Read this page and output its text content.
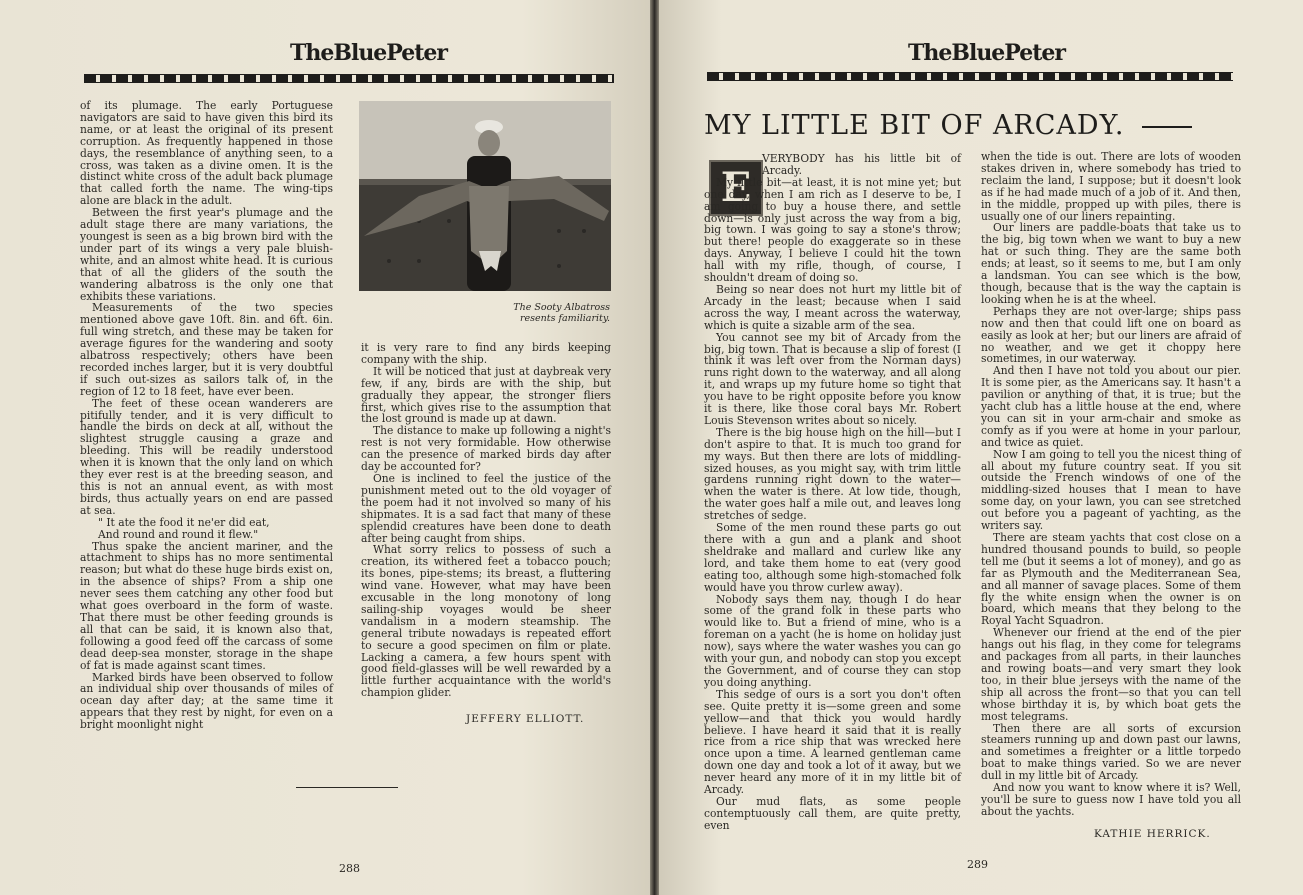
TheBluePeter

of its plumage. The early Portuguese navigators are said to have given this bird its name, or at least the original of its present corruption. As frequently happened in those days, the resemblance of anything seen, to a cross, was taken as a divine omen. It is the distinct white cross of the adult back plumage that called forth the name. The wing-tips alone are black in the adult.

Between the first year's plumage and the adult stage there are many variations, the youngest is seen as a big brown bird with the under part of its wings a very pale bluish-white, and an almost white head. It is curious that of all the gliders of the south the wandering albatross is the only one that exhibits these variations.

Measurements of the two species mentioned above gave 10ft. 8in. and 6ft. 6in. full wing stretch, and these may be taken for average figures for the wandering and sooty albatross respectively; others have been recorded inches larger, but it is very doubtful if such out-sizes as sailors talk of, in the region of 12 to 18 feet, have ever been.

The feet of these ocean wanderers are pitifully tender, and it is very difficult to handle the birds on deck at all, without the slightest struggle causing a graze and bleeding. This will be readily understood when it is known that the only land on which they ever rest is at the breeding season, and this is not an annual event, as with most birds, thus actually years on end are passed at sea.

" It ate the food it ne'er did eat,

And round and round it flew."

Thus spake the ancient mariner, and the attachment to ships has no more sentimental reason; but what do these huge birds exist on, in the absence of ships? From a ship one never sees them catching any other food but what goes overboard in the form of waste. That there must be other feeding grounds is all that can be said, it is known also that, following a good feed off the carcass of some dead deep-sea monster, storage in the shape of fat is made against scant times.

Marked birds have been observed to follow an individual ship over thousands of miles of ocean day after day; at the same time it appears that they rest by night, for even on a bright moonlight night

The Sooty Albatross
resents familiarity.

it is very rare to find any birds keeping company with the ship.

It will be noticed that just at daybreak very few, if any, birds are with the ship, but gradually they appear, the stronger fliers first, which gives rise to the assumption that the lost ground is made up at dawn.

The distance to make up following a night's rest is not very formidable. How otherwise can the presence of marked birds day after day be accounted for?

One is inclined to feel the justice of the punishment meted out to the old voyager of the poem had it not involved so many of his shipmates. It is a sad fact that many of these splendid creatures have been done to death after being caught from ships.

What sorry relics to possess of such a creation, its withered feet a tobacco pouch; its bones, pipe-stems; its breast, a fluttering wind vane. However, what may have been excusable in the long monotony of long sailing-ship voyages would be sheer vandalism in a modern steamship. The general tribute nowadays is repeated effort to secure a good specimen on film or plate. Lacking a camera, a few hours spent with good field-glasses will be well rewarded by a little further acquaintance with the world's champion glider.

JEFFERY ELLIOTT.
288
TheBluePeter
MY LITTLE BIT OF ARCADY.
E

VERYBODY has his little bit of Arcady.

My little bit—at least, it is not mine yet; but one day, when I am rich as I deserve to be, I am going to buy a house there, and settle down—is only just across the way from a big, big town. I was going to say a stone's throw; but there! people do exaggerate so in these days. Anyway, I believe I could hit the town hall with my rifle, though, of course, I shouldn't dream of doing so.

Being so near does not hurt my little bit of Arcady in the least; because when I said across the way, I meant across the waterway, which is quite a sizable arm of the sea.

You cannot see my bit of Arcady from the big, big town. That is because a slip of forest (I think it was left over from the Norman days) runs right down to the waterway, and all along it, and wraps up my future home so tight that you have to be right opposite before you know it is there, like those coral bays Mr. Robert Louis Stevenson writes about so nicely.

There is the big house high on the hill—but I don't aspire to that. It is much too grand for my ways. But then there are lots of middling-sized houses, as you might say, with trim little gardens running right down to the water—when the water is there. At low tide, though, the water goes half a mile out, and leaves long stretches of sedge.

Some of the men round these parts go out there with a gun and a plank and shoot sheldrake and mallard and curlew like any lord, and take them home to eat (very good eating too, although some high-stomached folk would have you throw curlew away).

Nobody says them nay, though I do hear some of the grand folk in these parts who would like to. But a friend of mine, who is a foreman on a yacht (he is home on holiday just now), says where the water washes you can go with your gun, and nobody can stop you except the Government, and of course they can stop you doing anything.

This sedge of ours is a sort you don't often see. Quite pretty it is—some green and some yellow—and that thick you would hardly believe. I have heard it said that it is really rice from a rice ship that was wrecked here once upon a time. A learned gentleman came down one day and took a lot of it away, but we never heard any more of it in my little bit of Arcady.

Our mud flats, as some people contemptuously call them, are quite pretty, even

when the tide is out. There are lots of wooden stakes driven in, where somebody has tried to reclaim the land, I suppose; but it doesn't look as if he had made much of a job of it. And then, in the middle, propped up with piles, there is usually one of our liners repainting.

Our liners are paddle-boats that take us to the big, big town when we want to buy a new hat or such thing. They are the same both ends; at least, so it seems to me, but I am only a landsman. You can see which is the bow, though, because that is the way the captain is looking when he is at the wheel.

Perhaps they are not over-large; ships pass now and then that could lift one on board as easily as look at her; but our liners are afraid of no weather, and we get it choppy here sometimes, in our waterway.

And then I have not told you about our pier. It is some pier, as the Americans say. It hasn't a pavilion or anything of that, it is true; but the yacht club has a little house at the end, where you can sit in your arm-chair and smoke as comfy as if you were at home in your parlour, and twice as quiet.

Now I am going to tell you the nicest thing of all about my future country seat. If you sit outside the French windows of one of the middling-sized houses that I mean to have some day, on your lawn, you can see stretched out before you a pageant of yachting, as the writers say.

There are steam yachts that cost close on a hundred thousand pounds to build, so people tell me (but it seems a lot of money), and go as far as Plymouth and the Mediterranean Sea, and all manner of savage places. Some of them fly the white ensign when the owner is on board, which means that they belong to the Royal Yacht Squadron.

Whenever our friend at the end of the pier hangs out his flag, in they come for telegrams and packages from all parts, in their launches and rowing boats—and very smart they look too, in their blue jerseys with the name of the ship all across the front—so that you can tell whose birthday it is, by which boat gets the most telegrams.

Then there are all sorts of excursion steamers running up and down past our lawns, and sometimes a freighter or a little torpedo boat to make things varied. So we are never dull in my little bit of Arcady.

And now you want to know where it is? Well, you'll be sure to guess now I have told you all about the yachts.

KATHIE HERRICK.
289
